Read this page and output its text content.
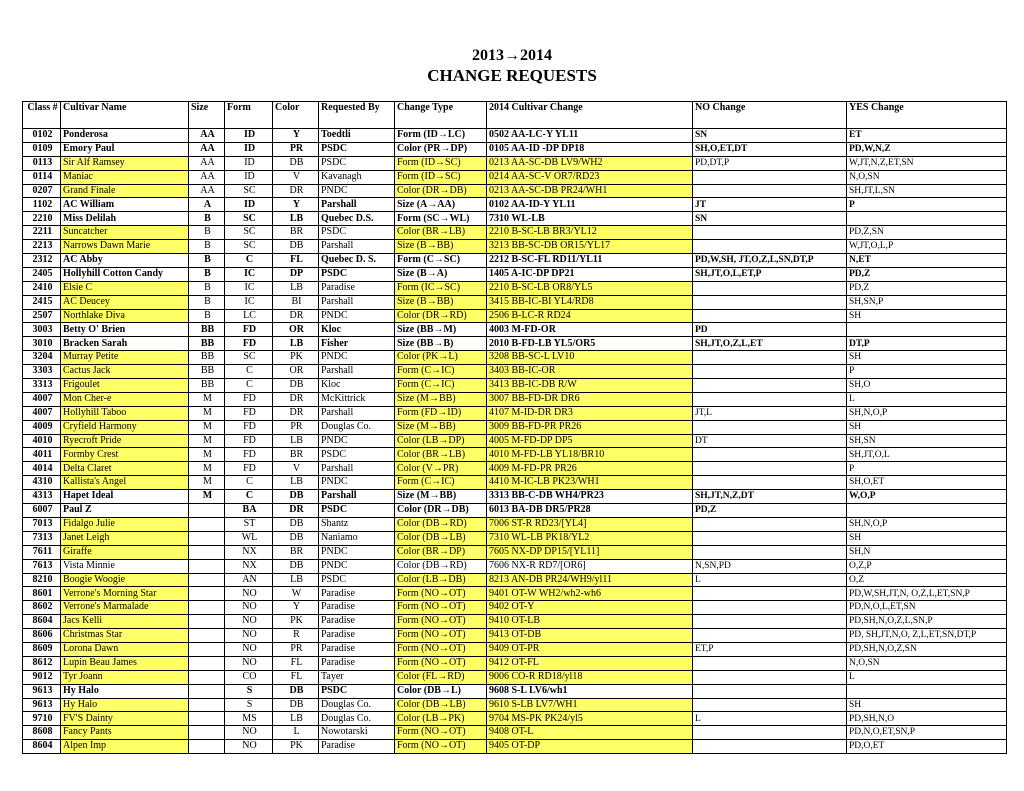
2013→2014
CHANGE REQUESTS
Class #	Cultivar Name	Size	Form	Color	Requested By	Change Type	2014 Cultivar Change	NO Change	YES Change
0102	Ponderosa	AA	ID	Y	Toedtli	Form (ID→LC)	0502 AA-LC-Y YL11	SN	ET
0109	Emory Paul	AA	ID	PR	PSDC	Color (PR→DP)	0105 AA-ID -DP DP18	SH,O,ET,DT	PD,W,N,Z
0113	Sir Alf Ramsey	AA	ID	DB	PSDC	Form (ID→SC)	0213 AA-SC-DB LV9/WH2	PD,DT,P	W,JT,N,Z,ET,SN
0114	Maniac	AA	ID	V	Kavanagh	Form (ID→SC)	0214 AA-SC-V OR7/RD23		N,O,SN
0207	Grand Finale	AA	SC	DR	PNDC	Color (DR→DB)	0213 AA-SC-DB PR24/WH1		SH,JT,L,SN
1102	AC William	A	ID	Y	Parshall	Size (A→AA)	0102 AA-ID-Y YL11	JT	P
2210	Miss Delilah	B	SC	LB	Quebec D.S.	Form (SC→WL)	7310 WL-LB	SN	
2211	Suncatcher	B	SC	BR	PSDC	Color (BR→LB)	2210 B-SC-LB BR3/YL12		PD,Z,SN
2213	Narrows Dawn Marie	B	SC	DB	Parshall	Size (B→BB)	3213 BB-SC-DB OR15/YL17		W,JT,O,L,P
2312	AC Abby	B	C	FL	Quebec D. S.	Form (C→SC)	2212 B-SC-FL RD11/YL11	PD,W,SH, JT,O,Z,L,SN,DT,P	N,ET
2405	Hollyhill Cotton Candy	B	IC	DP	PSDC	Size (B→A)	1405 A-IC-DP DP21	SH,JT,O,L,ET,P	PD,Z
2410	Elsie C	B	IC	LB	Paradise	Form (IC→SC)	2210 B-SC-LB OR8/YL5		PD,Z
2415	AC Deucey	B	IC	BI	Parshall	Size (B→BB)	3415 BB-IC-BI YL4/RD8		SH,SN,P
2507	Northlake Diva	B	LC	DR	PNDC	Color (DR→RD)	2506 B-LC-R RD24		SH
3003	Betty O' Brien	BB	FD	OR	Kloc	Size (BB→M)	4003 M-FD-OR	PD	
3010	Bracken Sarah	BB	FD	LB	Fisher	Size (BB→B)	2010 B-FD-LB YL5/OR5	SH,JT,O,Z,L,ET	DT,P
3204	Murray Petite	BB	SC	PK	PNDC	Color (PK→L)	3208 BB-SC-L LV10		SH
3303	Cactus Jack	BB	C	OR	Parshall	Form (C→IC)	3403 BB-IC-OR		P
3313	Frigoulet	BB	C	DB	Kloc	Form (C→IC)	3413 BB-IC-DB R/W		SH,O
4007	Mon Cher-e	M	FD	DR	McKittrick	Size (M→BB)	3007 BB-FD-DR DR6		L
4007	Hollyhill Taboo	M	FD	DR	Parshall	Form (FD→ID)	4107 M-ID-DR DR3	JT,L	SH,N,O,P
4009	Cryfield Harmony	M	FD	PR	Douglas Co.	Size (M→BB)	3009 BB-FD-PR PR26		SH
4010	Ryecroft Pride	M	FD	LB	PNDC	Color (LB→DP)	4005 M-FD-DP DP5	DT	SH,SN
4011	Formby Crest	M	FD	BR	PSDC	Color (BR→LB)	4010 M-FD-LB YL18/BR10		SH,JT,O,L
4014	Delta Claret	M	FD	V	Parshall	Color (V→PR)	4009 M-FD-PR PR26		P
4310	Kallista's Angel	M	C	LB	PNDC	Form (C→IC)	4410 M-IC-LB PK23/WH1		SH,O,ET
4313	Hapet Ideal	M	C	DB	Parshall	Size (M→BB)	3313 BB-C-DB WH4/PR23	SH,JT,N,Z,DT	W,O,P
6007	Paul Z		BA	DR	PSDC	Color (DR→DB)	6013 BA-DB DR5/PR28	PD,Z	
7013	Fidalgo Julie		ST	DB	Shantz	Color (DB→RD)	7006 ST-R RD23/[YL4]		SH,N,O,P
7313	Janet Leigh		WL	DB	Naniamo	Color (DB→LB)	7310 WL-LB PK18/YL2		SH
7611	Giraffe		NX	BR	PNDC	Color (BR→DP)	7605 NX-DP DP15/[YL11]		SH,N
7613	Vista Minnie		NX	DB	PNDC	Color (DB→RD)	7606 NX-R RD7/[OR6]	N,SN,PD	O,Z,P
8210	Boogie Woogie		AN	LB	PSDC	Color (LB→DB)	8213 AN-DB PR24/WH9/yl11	L	O,Z
8601	Verrone's Morning Star		NO	W	Paradise	Form (NO→OT)	9401 OT-W WH2/wh2-wh6		PD,W,SH,JT,N, O,Z,L,ET,SN,P
8602	Verrone's Marmalade		NO	Y	Paradise	Form (NO→OT)	9402 OT-Y		PD,N,O,L,ET,SN
8604	Jacs Kelli		NO	PK	Paradise	Form (NO→OT)	9410 OT-LB		PD,SH,N,O,Z,L,SN,P
8606	Christmas Star		NO	R	Paradise	Form (NO→OT)	9413 OT-DB		PD, SH,JT,N,O, Z,L,ET,SN,DT,P
8609	Lorona Dawn		NO	PR	Paradise	Form (NO→OT)	9409 OT-PR	ET,P	PD,SH,N,O,Z,SN
8612	Lupin Beau James		NO	FL	Paradise	Form (NO→OT)	9412 OT-FL		N,O,SN
9012	Tyr Joann		CO	FL	Tayer	Color (FL→RD)	9006 CO-R RD18/yl18		L
9613	Hy Halo		S	DB	PSDC	Color (DB→L)	9608 S-L LV6/wh1		
9613	Hy Halo		S	DB	Douglas Co.	Color (DB→LB)	9610 S-LB LV7/WH1		SH
9710	FV'S Dainty		MS	LB	Douglas Co.	Color (LB→PK)	9704 MS-PK PK24/yl5	L	PD,SH,N,O
8608	Fancy Pants		NO	L	Nowotarski	Form (NO→OT)	9408 OT-L		PD,N,O,ET,SN,P
8604	Alpen Imp		NO	PK	Paradise	Form (NO→OT)	9405 OT-DP		PD,O,ET
